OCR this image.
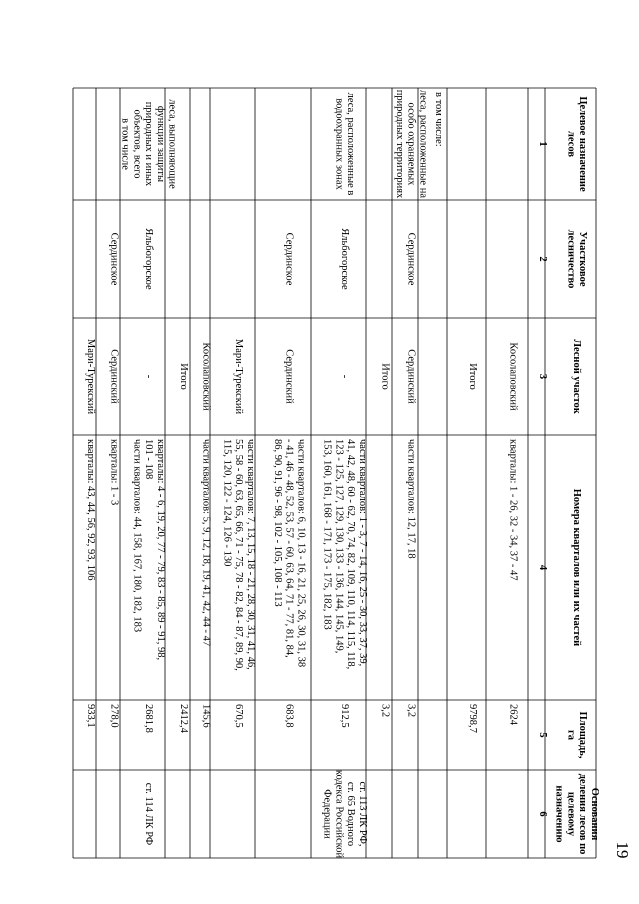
19
Целевое назначение
лесов
Участковое
лесничество
Лесной участок
Номера кварталов или их частей
Площадь,
га
Основания
деления лесов по
целевому
назначению
1
2
3
4
5
6
Косолаповский
кварталы: 1 - 26, 32 - 34, 37 - 47
2624
Итого
9798,7
в том числе:
леса, расположенные на
особо охраняемых
природных территориях
Сердинское
Сердинский
части кварталов: 12, 17, 18
3,2
Итого
3,2
леса, расположенные в
водоохранных зонах
Яльбогорское
-
части кварталов: 1 - 3, 7 - 14, 16, 25 - 30, 33, 37, 39,
41, 42, 48, 60 - 62, 70, 74, 82, 109, 110, 114, 115, 118,
123 - 125, 127, 129, 130, 133 - 136, 144, 145, 149,
153, 160, 161, 168 - 171, 173 - 175, 182, 183
912,5
ст. 113 ЛК РФ,
ст. 65 Водного
кодекса Российской
Федерации
Сердинское
Сердинский
части кварталов: 6, 10, 13 - 16, 21, 25, 26, 30, 31, 38
- 41, 46 - 48, 52, 53, 57 - 60, 63, 64, 71 - 77, 81, 84,
86, 90, 91, 96 - 98, 102 - 105, 108 - 113
683,8
Мари-Турекский
части кварталов: 7, 13, 15, 18 - 21, 28, 30, 31, 41, 46,
55, 58 - 60, 63, 65, 66, 71 - 75, 78 - 82, 84 - 87, 89, 90,
115, 120, 122 - 124, 126 - 130
670,5
Косолаповский
части кварталов: 5, 9, 12, 18, 19, 41, 42, 44 - 47
145,6
Итого
2412,4
леса, выполняющие
функции защиты
природных и иных
объектов, всего
в том числе
Яльбогорское
-
кварталы: 4 - 6, 19, 20, 77 - 79, 83 - 85, 89 - 91, 98,
101 - 108
части кварталов: 44, 158, 167, 180, 182, 183
2681,8
ст. 114 ЛК РФ
Сердинское
Сердинский
кварталы: 1 - 3
278,0
Мари-Турекский
кварталы: 43, 44, 56, 92, 93, 106
933,1
